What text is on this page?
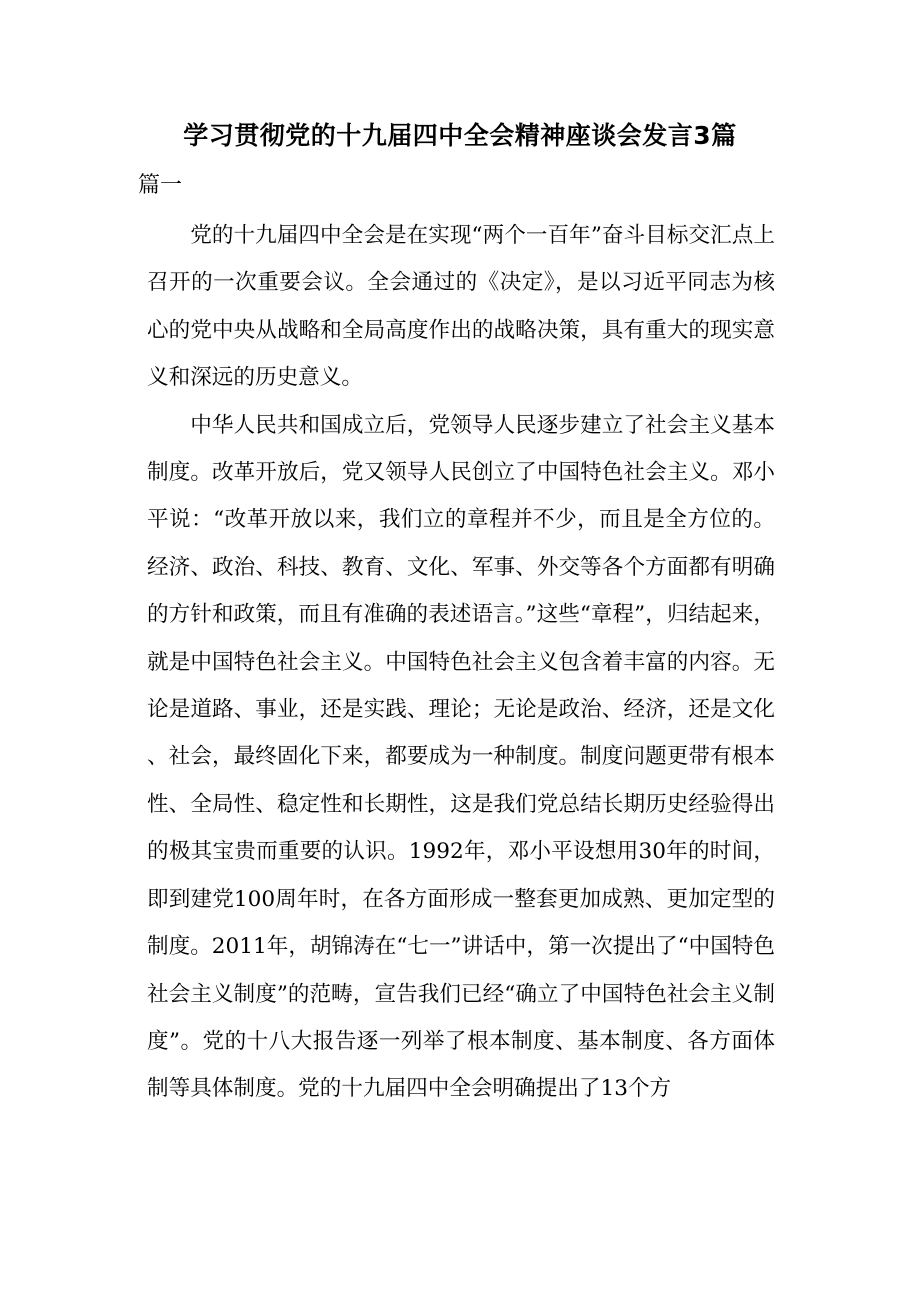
学习贯彻党的十九届四中全会精神座谈会发言3篇
篇一

党的十九届四中全会是在实现“两个一百年”奋斗目标交汇点上召开的一次重要会议。全会通过的《决定》，是以习近平同志为核心的党中央从战略和全局高度作出的战略决策，具有重大的现实意义和深远的历史意义。

中华人民共和国成立后，党领导人民逐步建立了社会主义基本制度。改革开放后，党又领导人民创立了中国特色社会主义。邓小平说：“改革开放以来，我们立的章程并不少，而且是全方位的。经济、政治、科技、教育、文化、军事、外交等各个方面都有明确的方针和政策，而且有准确的表述语言。”这些“章程”，归结起来，就是中国特色社会主义。中国特色社会主义包含着丰富的内容。无论是道路、事业，还是实践、理论；无论是政治、经济，还是文化、社会，最终固化下来，都要成为一种制度。制度问题更带有根本性、全局性、稳定性和长期性，这是我们党总结长期历史经验得出的极其宝贵而重要的认识。1992年，邓小平设想用30年的时间，即到建党100周年时，在各方面形成一整套更加成熟、更加定型的制度。2011年，胡锦涛在“七一”讲话中，第一次提出了“中国特色社会主义制度”的范畴，宣告我们已经“确立了中国特色社会主义制度”。党的十八大报告逐一列举了根本制度、基本制度、各方面体制等具体制度。党的十九届四中全会明确提出了13个方
